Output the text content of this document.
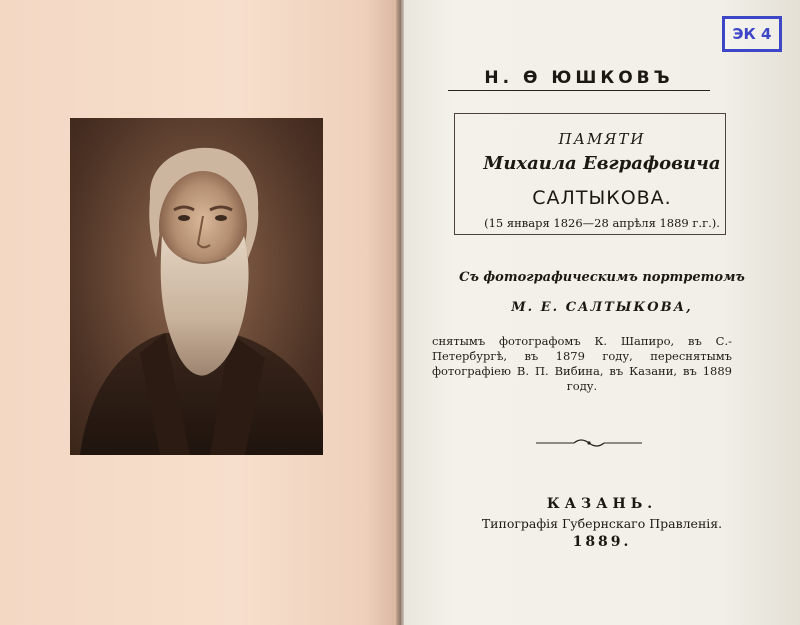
Н. Ө ЮШКОВЪ
ПАМЯТИ
Михаила Евграфовича
САЛТЫКОВА.
(15 января 1826—28 апрѣля 1889 г.г.).
Съ фотографическимъ портретомъ
М. Е. САЛТЫКОВА,
снятымъ фотографомъ К. Шапиро, въ С.-Петербургѣ, въ 1879 году, переснятымъ фотографiею В. П. Вибина, въ Казани, въ 1889 году.
КАЗАНЬ.
Типографiя Губернскаго Правленiя.
1889.
ЭК 4
